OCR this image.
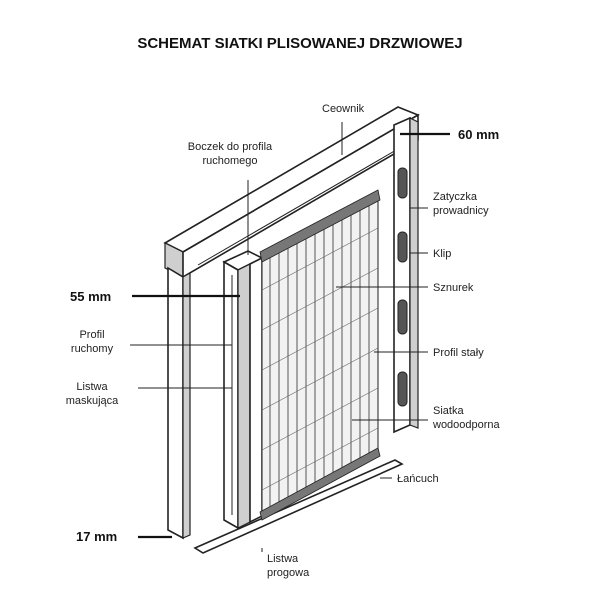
SCHEMAT SIATKI PLISOWANEJ DRZWIOWEJ
Ceownik
Boczek do profila
ruchomego
Zatyczka
prowadnicy
Klip
Sznurek
Profil
ruchomy	Profil stały
Listwa
maskująca
Siatka
wodoodporna
Łańcuch
Listwa
progowa
60 mm
55 mm
17 mm
